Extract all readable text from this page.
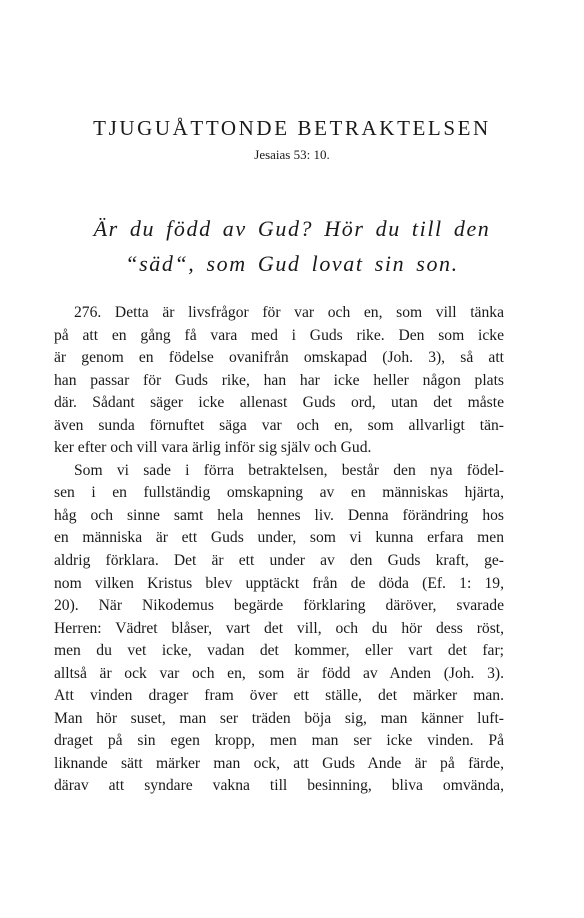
TJUGUÅTTONDE BETRAKTELSEN
Jesaias 53: 10.
Är du född av Gud? Hör du till den
“säd“, som Gud lovat sin son.
276. Detta är livsfrågor för var och en, som vill tänka
på att en gång få vara med i Guds rike. Den som icke
är genom en födelse ovanifrån omskapad (Joh. 3), så att
han passar för Guds rike, han har icke heller någon plats
där. Sådant säger icke allenast Guds ord, utan det måste
även sunda förnuftet säga var och en, som allvarligt tän-
ker efter och vill vara ärlig inför sig själv och Gud.
Som vi sade i förra betraktelsen, består den nya födel-
sen i en fullständig omskapning av en människas hjärta,
håg och sinne samt hela hennes liv. Denna förändring hos
en människa är ett Guds under, som vi kunna erfara men
aldrig förklara. Det är ett under av den Guds kraft, ge-
nom vilken Kristus blev upptäckt från de döda (Ef. 1: 19,
20). När Nikodemus begärde förklaring däröver, svarade
Herren: Vädret blåser, vart det vill, och du hör dess röst,
men du vet icke, vadan det kommer, eller vart det far;
alltså är ock var och en, som är född av Anden (Joh. 3).
Att vinden drager fram över ett ställe, det märker man.
Man hör suset, man ser träden böja sig, man känner luft-
draget på sin egen kropp, men man ser icke vinden. På
liknande sätt märker man ock, att Guds Ande är på färde,
därav att syndare vakna till besinning, bliva omvända,
